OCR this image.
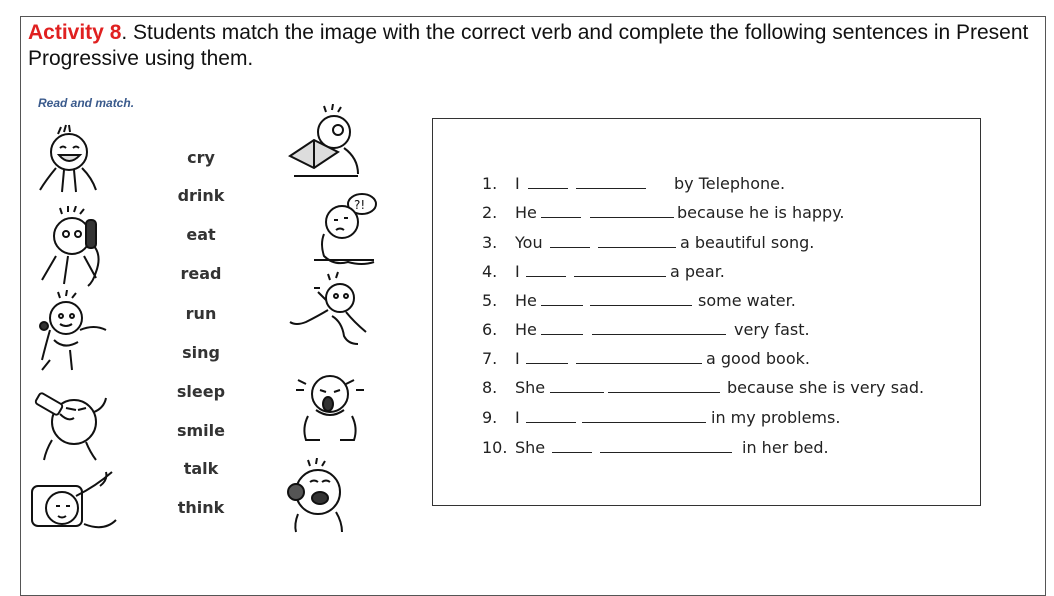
Activity 8. Students match the image with the correct verb and complete the following sentences in Present Progressive using them.
Read and match.
cry
drink
eat
read
run
sing
sleep
smile
talk
think
?!
1. I	by Telephone.
2. He	because he is happy.
3. You	a beautiful song.
4. I	a pear.
5. He	some water.
6. He	very fast.
7. I	a good book.
8. She	because she is very sad.
9. I	in my problems.
10. She	in her bed.
